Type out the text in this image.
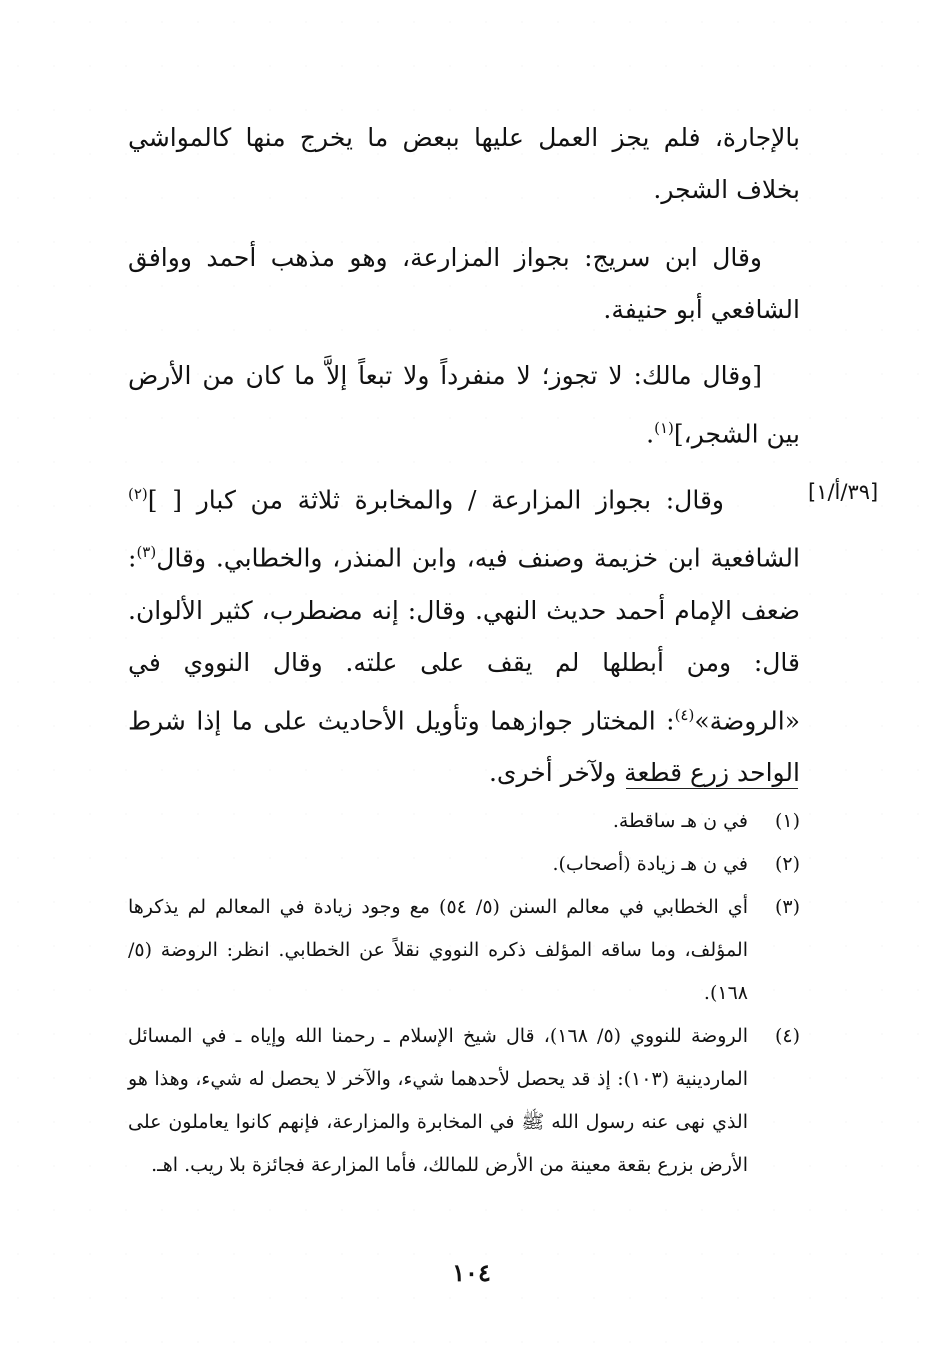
بالإجارة، فلم يجز العمل عليها ببعض ما يخرج منها كالمواشي بخلاف الشجر.

وقال ابن سريج: بجواز المزارعة، وهو مذهب أحمد ووافق الشافعي أبو حنيفة.

[وقال مالك: لا تجوز؛ لا منفرداً ولا تبعاً إلاَّ ما كان من الأرض بين الشجر،]$^{(١)}$.

[٣٩/أ/١]

وقال: بجواز المزارعة / والمخابرة ثلاثة من كبار [ ]$^{(٢)}$ الشافعية ابن خزيمة وصنف فيه، وابن المنذر، والخطابي. وقال$^{(٣)}$: ضعف الإمام أحمد حديث النهي. وقال: إنه مضطرب، كثير الألوان. قال: ومن أبطلها لم يقف على علته. وقال النووي في «الروضة»$^{(٤)}$: المختار جوازهما وتأويل الأحاديث على ما إذا شرط الواحد زرع قطعة ولآخر أخرى.

(١)
في ن هـ ساقطة.
(٢)
في ن هـ زيادة (أصحاب).
(٣)
أي الخطابي في معالم السنن (٥/ ٥٤) مع وجود زيادة في المعالم لم يذكرها المؤلف، وما ساقه المؤلف ذكره النووي نقلاً عن الخطابي. انظر: الروضة (٥/ ١٦٨).
(٤)
الروضة للنووي (٥/ ١٦٨)، قال شيخ الإسلام ـ رحمنا الله وإياه ـ في المسائل الماردينية (١٠٣): إذ قد يحصل لأحدهما شيء، والآخر لا يحصل له شيء، وهذا هو الذي نهى عنه رسول الله ﷺ في المخابرة والمزارعة، فإنهم كانوا يعاملون على الأرض بزرع بقعة معينة من الأرض للمالك، فأما المزارعة فجائزة بلا ريب. اهـ.
١٠٤
